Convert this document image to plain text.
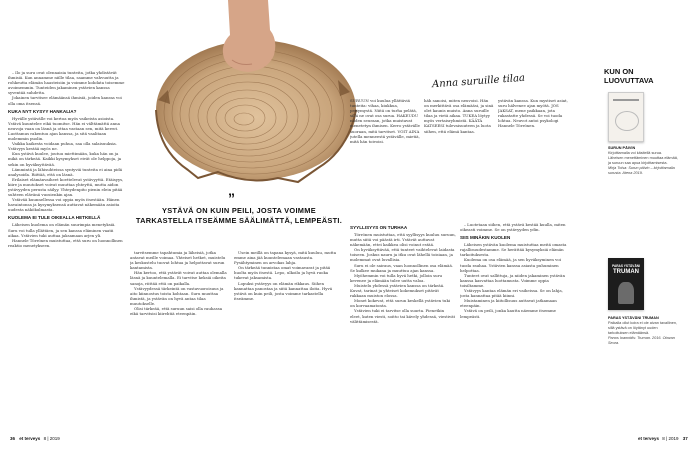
– Ilo ja suru ovat olennaisia tunteita, jotka yhdistävät ihmisiä. Kun annamme niille tilaa, saamme vahvuutta ja rohkeutta elämän haasteisiin ja voimme kohdata toisemme avoimemmin. Tunteiden jakaminen ystävien kanssa syventää suhdetta.

Jokainen tarvitsee elämäänsä ihmisiä, joiden kanssa voi olla oma itsensä.

KUKA NYT KYSYY HANKALIA?

Hyvälle ystävälle voi kertoa myös vaikeista asioista. Ystävä kuuntelee eikä tuomitse. Hän ei välttämättä anna neuvoja vaan on läsnä ja ottaa vastaan sen, mitä kerrot. Luottamus rakentuu ajan kanssa, ja sitä vaalitaan molemmin puolin.

Vaikka kaikesta voidaan puhua, saa olla salaisuuksia. Ystävyys kestää myös ne.

Kun ystävä kuulee, joutuu miettimään, kuka hän on ja mikä on tärkeää. Kaikki kysymykset eivät ole helppoja, ja sekin on hyväksyttävää.

Lämmintä ja lähisuhteissa syntyviä tunteita ei aina pidä analysoida. Riittää, että on läsnä.

Erilaiset elämänvaiheet koettelevat ystävyyttä. Etäisyys, kiire ja muutokset voivat muuttaa yhteyttä, mutta aidon ystävyyden perusta säilyy. Yhteydenpito pienin elein pitää suhteen elävänä vuosienkin ajan.

Ystävää kuunnellessa voi oppia myös itsestään. Hänen havaintonsa ja kysymyksensä auttavat näkemään asioita uudesta näkökulmasta.

KUOLEMA EI TULE OIKEALLA HETKELLÄ

Läheisen kuolema on elämän suurimpia menetyksiä. Suru voi tulla yllättäen, ja sen kanssa eläminen vaatii aikaa. Ystävien tuki auttaa jaksamaan arjen yli.

Hannele Törrönen muistuttaa, että suru on luonnollinen reaktio menetykseen.

”
YSTÄVÄ ON KUIN PEILI, JOSTA VOIMME TARKASTELLA ITSEÄMME SÄÄLIMÄTTÄ, LEMPEÄSTI.

tarvitsemme tapahtumia ja läheisiä, jotka antavat meille voimaa. Yhteiset hetket, muistelu ja keskustelu tuovat lohtua ja helpottavat surun kantamista.

Hän kertoo, että ystävät voivat auttaa olemalla läsnä ja kuuntelemalla. Ei tarvitse keksiä oikeita sanoja, riittää että on paikalla.

Ystävyydessä tärkeintä on vastavuoroisuus ja aito kiinnostus toista kohtaan. Suru muuttaa ihmistä, ja ystävän on hyvä antaa tilaa muutokselle.

Olisi tärkeää, että suruun saisi olla rauhassa eikä tarvitsisi kiirehtiä eteenpäin.

Usein meillä on tapana kysyä, mitä kuuluu, mutta emme aina jää kuuntelemaan vastausta. Pysähtyminen on arvokas lahja.

On tärkeää tunnistaa omat voimavarat ja pitää huolta myös itsestä. Lepo, ulkoilu ja hyvä ruoka tukevat jaksamista.

Lopuksi ystävyys on elämän rikkaus. Siihen kannattaa panostaa ja siitä kannattaa iloita. Hyvä ystävä on kuin peili, josta voimme tarkastella itseämme.

Anna suruille tilaa
SURUUN voi kuulua yllättäviä tunteita: vihaa, kiukkua, pettymystä. Niitä on turha pelätä, sillä ne ovat osa surua. HAKEUDU niiden seuraan, jotka muistavat menetetyn ihmisen. Kerro ystävälle suoraan, mitä tarvitset. VOIT AINA jutella menneestä ystävälle, mietiä, mitä hän toivoisi.
häh sanoisi, miten neuvoisi. Hän on merkittävä osa elämääsi, ja sinä olet kaunis muisto. Anna suruille tilaa ja vietä aikaa. TUKEA löytyy myös vertaisryhmistä. KÄÄTÄ KATSEESI tulevaisuuteen ja luota siihen, että elämä kantaa.
ystävän kanssa. Kun mystiset asiat, suru hälvenee ajan myötä. JOS JAKSAT, mene paikkaan, jota rakastatte yhdessä. Se voi tuoda lohtua. Neuvot antoi psykologi Hannele Törrönen.
SYYLLISYYS ON TURHAA

Törrönen muistuttaa, että syyllisyys kuuluu suruun, mutta siitä voi päästä irti. Ystävät auttavat näkemään, ettei kaikkea olisi voinut estää.

On hyväksyttävää, että tunteet vaihtelevat laidasta toiseen. Joskus nauru ja itku ovat lähellä toisiaan, ja molemmat ovat luvallisia.

Suru ei ole sairaus, vaan luonnollinen osa elämää. Se kulkee mukana ja muuttuu ajan kanssa.

Myöhemmin voi tulla hyvä hetki, jolloin suru kevenee ja elämään tulee uutta valoa.

Muistelu yhdessä ystävien kanssa on tärkeää. Kuvat, tarinat ja yhteiset kokemukset pitävät rakkaan muiston elossa.

Monet kokevat, että surun keskellä ystävien tuki on korvaamatonta.

Ystävien tuki ei tarvitse olla suurta. Pienetkin eleet, kuten viesti, soitto tai kävely yhdessä, viestivät välittämisestä.

– Luotetaan siihen, että ystävä kestää kuulla, miten oikeasti voimme. Se on ystävyyden ydin.

SIIS MINÄKIN KUOLEN

Läheisen ystävän kuolema muistuttaa meitä omasta rajallisuudestamme. Se herättää kysymyksiä elämän tarkoituksesta.

Kuolema on osa elämää, ja sen hyväksyminen voi tuoda rauhaa. Ystävien kanssa asiasta puhuminen helpottaa.

Tunteet ovat sallittuja, ja niiden jakaminen ystävän kanssa kasvattaa luottamusta. Voimme oppia toisiltamme.

Ystävyys kantaa elämän eri vaiheissa. Se on lahja, josta kannattaa pitää kiinni.

Muistaminen ja kiitollisuus auttavat jatkamaan eteenpäin.

Ystävä on peili, jonka kautta näemme itsemme lempeästi.

KUN ON LUOVUTTAVA
SURUN PÄIVIN
Kirjoittamalla voi käsitellä surua. Läheisen menettäminen muuttaa elämää, ja suruun saa apua kirjoittamisesta.
Mirja Tolsa: Surun päivin – kirjoittamalla surusta. Atena 2019.
PARAS YSTÄVÄNI
TRUMAN
PARAS YSTÄVÄNI TRUMAN
Paikalla ollut koira ei ole aivan tavallinen, sillä ystävä on löytänyt uuden tarkoituksen elämäänsä.
Panos Ioannidis: Truman. 2016. Otavan Seura.
36 et terveys 8 | 2019	et terveys 8 | 2019 37
